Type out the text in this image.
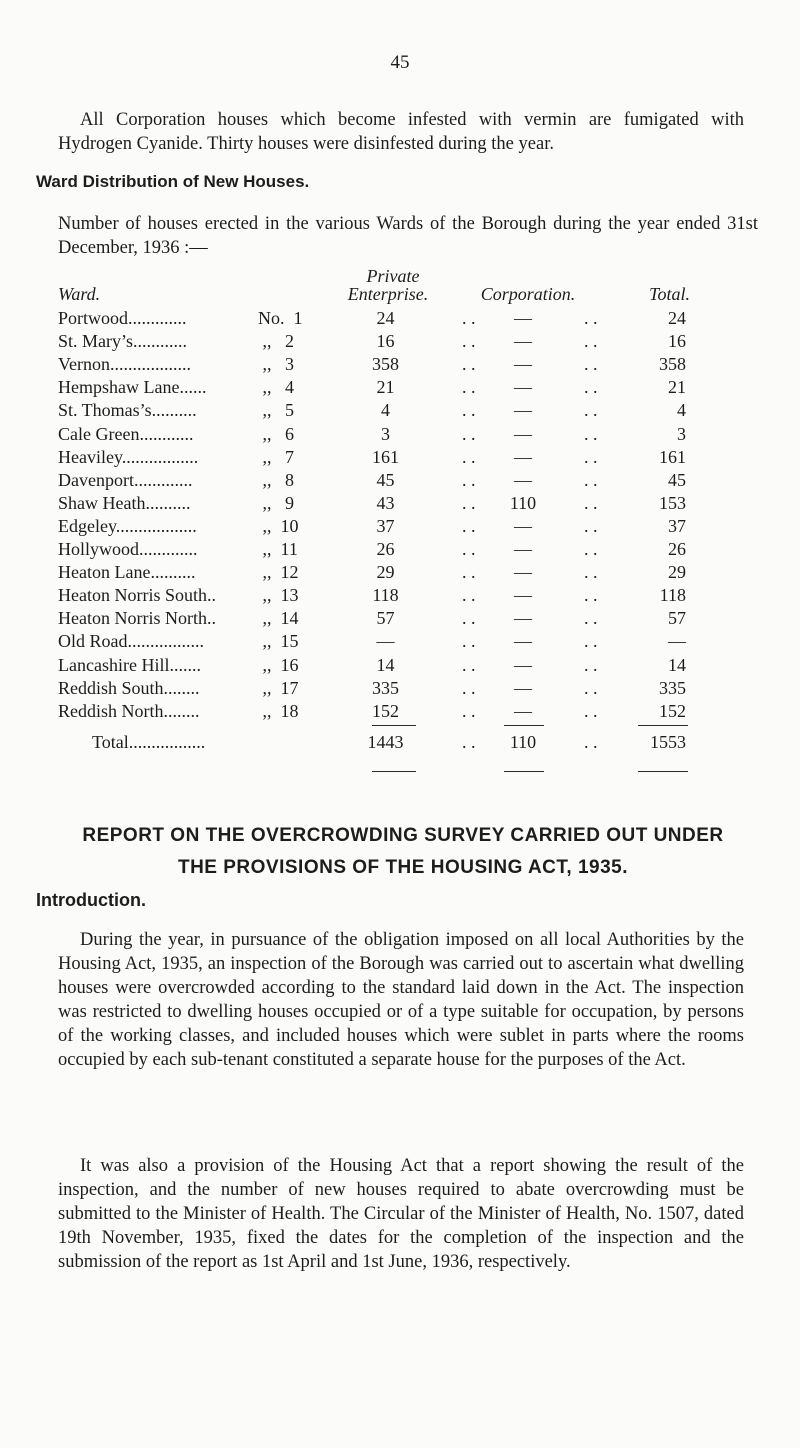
45

All Corporation houses which become infested with vermin are fumigated with Hydrogen Cyanide. Thirty houses were disinfested during the year.

Ward Distribution of New Houses.

Number of houses erected in the various Wards of the Borough during the year ended 31st December, 1936 :—

Ward.
Private
Enterprise.	Corporation.	Total.
Portwood.............	No.  1	24	. .	—	. .	24
St. Mary’s............	,,   2	16	. .	—	. .	16
Vernon..................	,,   3	358	. .	—	. .	358
Hempshaw Lane......	,,   4	21	. .	—	. .	21
St. Thomas’s..........	,,   5	4	. .	—	. .	4
Cale Green............	,,   6	3	. .	—	. .	3
Heaviley.................	,,   7	161	. .	—	. .	161
Davenport.............	,,   8	45	. .	—	. .	45
Shaw Heath..........	,,   9	43	. .	110	. .	153
Edgeley..................	,,  10	37	. .	—	. .	37
Hollywood.............	,,  11	26	. .	—	. .	26
Heaton Lane..........	,,  12	29	. .	—	. .	29
Heaton Norris South.. ,,  13	118	. .	—	. .	118
Heaton Norris North.. ,,  14	57	. .	—	. .	57
Old Road.................	,,  15	—	. .	—	. .	—
Lancashire Hill.......	,,  16	14	. .	—	. .	14
Reddish South........	,,  17	335	. .	—	. .	335
Reddish North........	,,  18	152	. .	—	. .	152
Total.................	1443	. .	110	. .	1553
REPORT ON THE OVERCROWDING SURVEY CARRIED OUT UNDER
THE PROVISIONS OF THE HOUSING ACT, 1935.
Introduction.

During the year, in pursuance of the obligation imposed on all local Authorities by the Housing Act, 1935, an inspection of the Borough was carried out to ascertain what dwelling houses were overcrowded according to the standard laid down in the Act. The inspection was restricted to dwelling houses occupied or of a type suitable for occupation, by persons of the working classes, and included houses which were sublet in parts where the rooms occupied by each sub-tenant constituted a separate house for the purposes of the Act.

It was also a provision of the Housing Act that a report showing the result of the inspection, and the number of new houses required to abate overcrowding must be submitted to the Minister of Health. The Circular of the Minister of Health, No. 1507, dated 19th November, 1935, fixed the dates for the completion of the inspection and the submission of the report as 1st April and 1st June, 1936, respectively.
